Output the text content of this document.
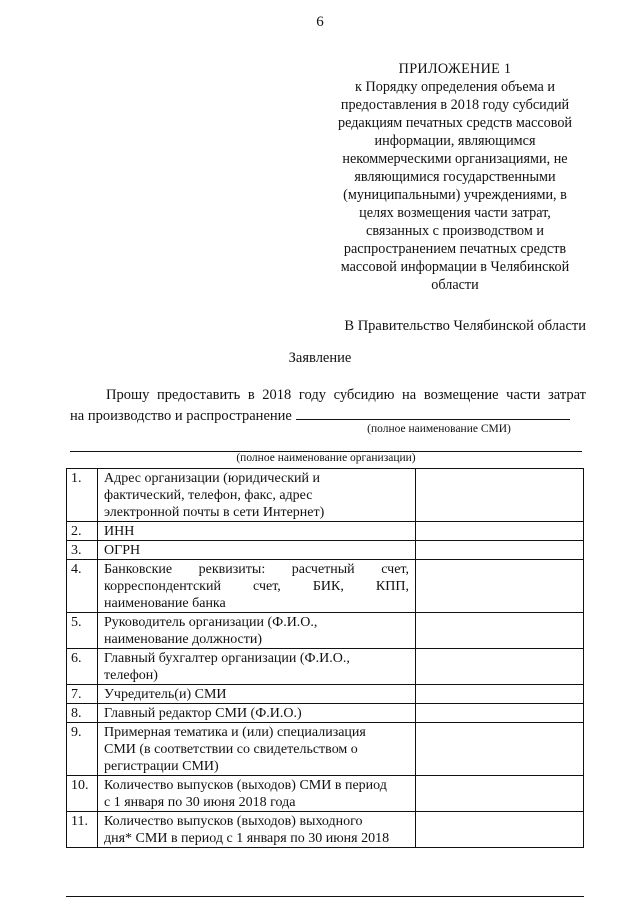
6
ПРИЛОЖЕНИЕ 1
к Порядку определения объема и
предоставления в 2018 году субсидий
редакциям печатных средств массовой
информации, являющимся
некоммерческими организациями, не
являющимися государственными
(муниципальными) учреждениями, в
целях возмещения части затрат,
связанных с производством и
распространением печатных средств
массовой информации в Челябинской
области
В Правительство Челябинской области
Заявление
Прошу предоставить в 2018 году субсидию на возмещение части затрат
на производство и распространение
(полное наименование СМИ)
(полное наименование организации)
1.	Адрес организации (юридический и
фактический, телефон, факс, адрес
электронной почты в сети Интернет)	

2.	ИНН	

3.	ОГРН	

4.	Банковские реквизиты: расчетный счет,
корреспондентский счет, БИК, КПП,
наименование банка	

5.	Руководитель организации (Ф.И.О.,
наименование должности)	

6.	Главный бухгалтер организации (Ф.И.О.,
телефон)	

7.	Учредитель(и) СМИ	

8.	Главный редактор СМИ (Ф.И.О.)	

9.	Примерная тематика и (или) специализация
СМИ (в соответствии со свидетельством о
регистрации СМИ)	

10.	Количество выпусков (выходов) СМИ в период
с 1 января по 30 июня 2018 года	

11.	Количество выпусков (выходов) выходного
дня* СМИ в период с 1 января по 30 июня 2018	
